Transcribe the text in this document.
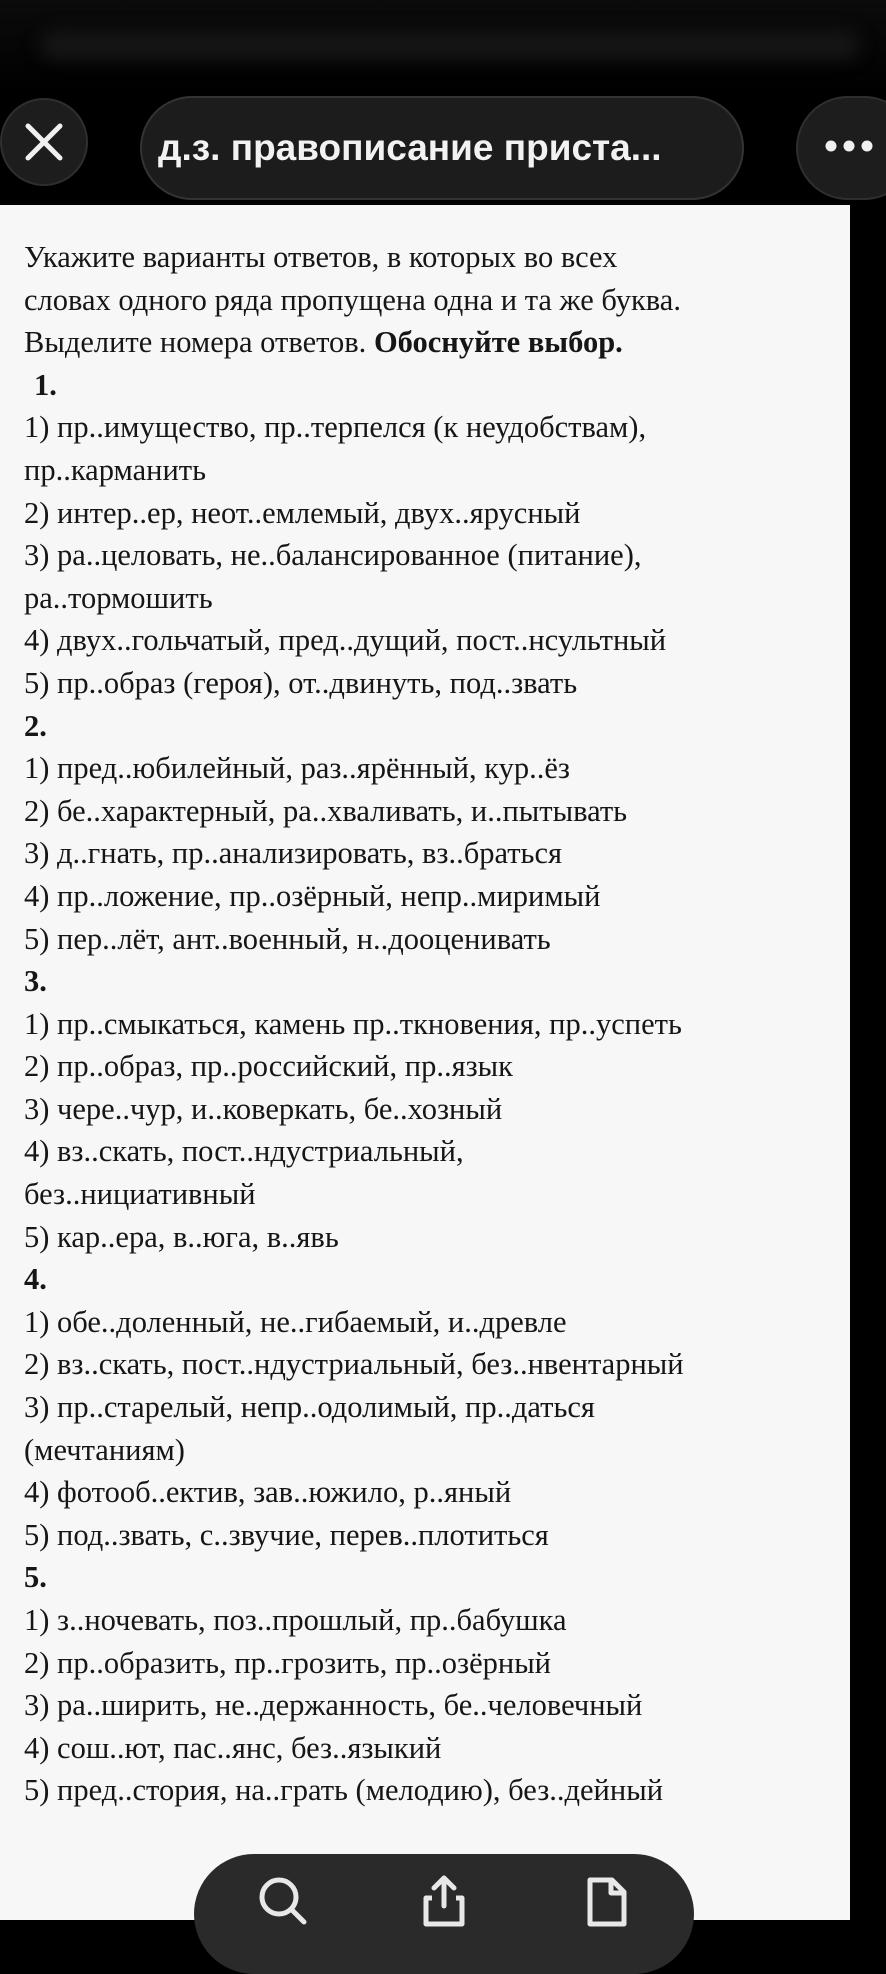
д.з. правописание приста...
Укажите варианты ответов, в которых во всех
словах одного ряда пропущена одна и та же буква.
Выделите номера ответов. Обоснуйте выбор.
1.
1) пр..имущество, пр..терпелся (к неудобствам),
пр..карманить
2) интер..ер, неот..емлемый, двух..ярусный
3) ра..целовать, не..балансированное (питание),
ра..тормошить
4) двух..гольчатый, пред..дущий, пост..нсультный
5) пр..образ (героя), от..двинуть, под..звать
2.
1) пред..юбилейный, раз..ярённый, кур..ёз
2) бе..характерный, ра..хваливать, и..пытывать
3) д..гнать, пр..анализировать, вз..браться
4) пр..ложение, пр..озёрный, непр..миримый
5) пер..лёт, ант..военный, н..дооценивать
3.
1) пр..смыкаться, камень пр..ткновения, пр..успеть
2) пр..образ, пр..российский, пр..язык
3) чере..чур, и..коверкать, бе..хозный
4) вз..скать, пост..ндустриальный,
без..нициативный
5) кар..ера, в..юга, в..явь
4.
1) обе..доленный, не..гибаемый, и..древле
2) вз..скать, пост..ндустриальный, без..нвентарный
3) пр..старелый, непр..одолимый, пр..даться
(мечтаниям)
4) фотооб..ектив, зав..южило, р..яный
5) под..звать, с..звучие, перев..плотиться
5.
1) з..ночевать, поз..прошлый, пр..бабушка
2) пр..образить, пр..грозить, пр..озёрный
3) ра..ширить, не..держанность, бе..человечный
4) сош..ют, пас..янс, без..языкий
5) пред..стория, на..грать (мелодию), без..дейный
